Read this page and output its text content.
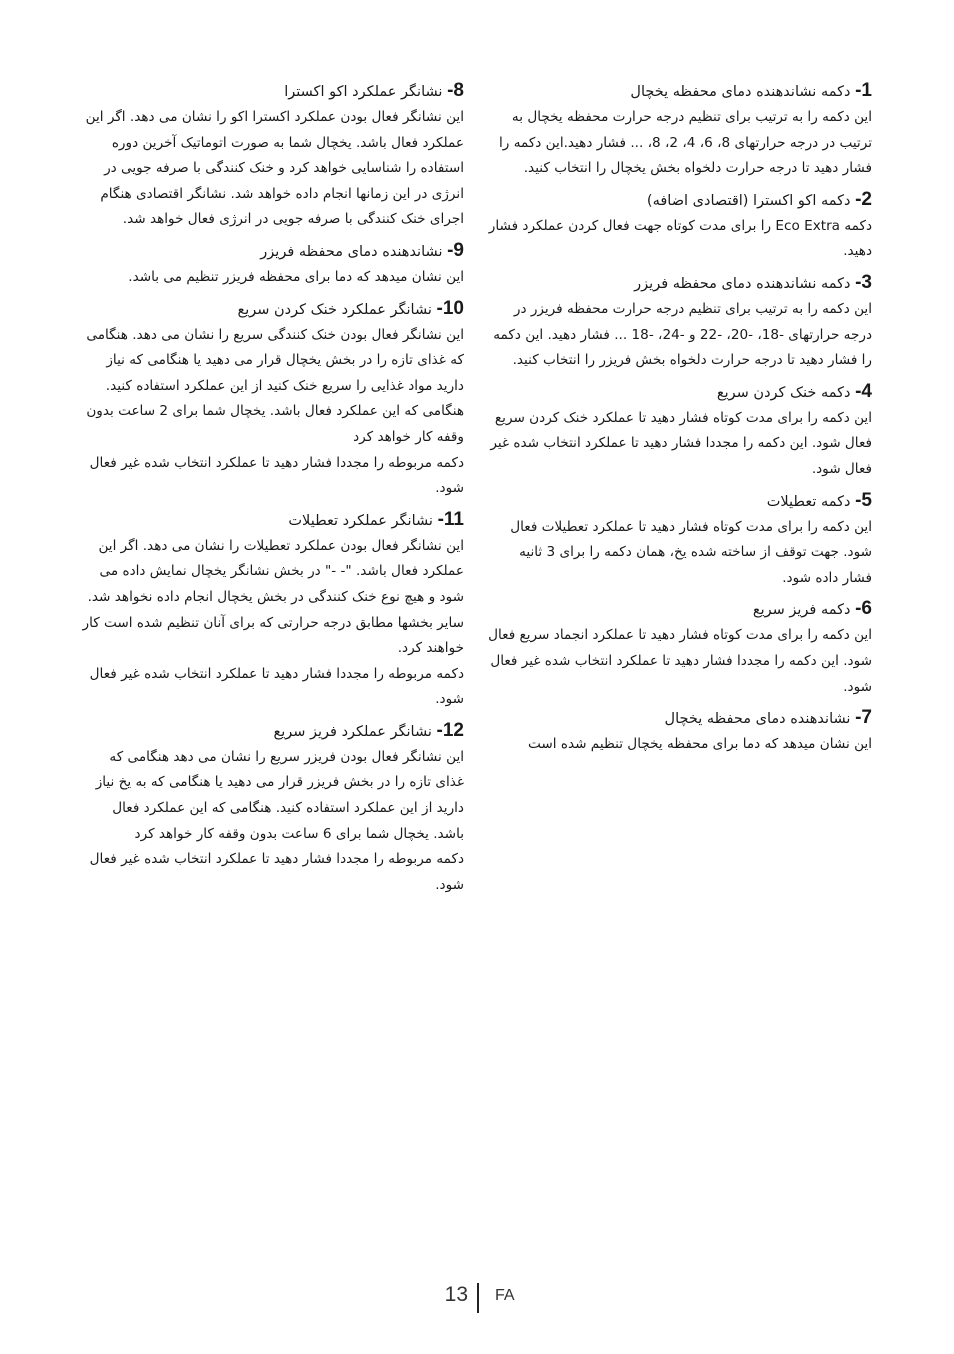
-1 دکمه نشاندهنده دمای محفظه یخچال

این دکمه را به ترتیب برای تنظیم درجه حرارت محفظه یخچال به ترتیب در درجه حرارتهای 8، 6، 4، 2، 8، ... فشار دهید.این دکمه را فشار دهید تا درجه حرارت دلخواه بخش یخچال را انتخاب کنید.

-2 دکمه اکو اکسترا (اقتصادی اضافه)

دکمه Eco Extra را برای مدت کوتاه جهت فعال کردن عملکرد فشار دهید.

-3 دکمه نشاندهنده دمای محفظه فریزر

این دکمه را به ترتیب برای تنظیم درجه حرارت محفظه فریزر در درجه حرارتهای -18، -20، -22 و -24، -18 ... فشار دهید. این دکمه را فشار دهید تا درجه حرارت دلخواه بخش فریزر را انتخاب کنید.

-4 دکمه خنک کردن سریع

این دکمه را برای مدت کوتاه فشار دهید تا عملکرد خنک کردن سریع فعال شود. این دکمه را مجددا فشار دهید تا عملکرد انتخاب شده غیر فعال شود.

-5 دکمه تعطیلات

این دکمه را برای مدت کوتاه فشار دهید تا عملکرد تعطیلات فعال شود. جهت توقف از ساخته شده یخ، همان دکمه را برای 3 ثانیه فشار داده شود.

-6 دکمه فریز سریع

این دکمه را برای مدت کوتاه فشار دهید تا عملکرد انجماد سریع فعال شود. این دکمه را مجددا فشار دهید تا عملکرد انتخاب شده غیر فعال شود.

-7 نشاندهنده دمای محفظه یخچال

این نشان میدهد که دما برای محفظه یخچال تنظیم شده است

-8 نشانگر عملکرد اکو اکسترا

این نشانگر فعال بودن عملکرد اکسترا اکو را نشان می دهد. اگر این عملکرد فعال باشد. یخچال شما به صورت اتوماتیک آخرین دوره استفاده را شناسایی خواهد کرد و خنک کنندگی با صرفه جویی در انرژی در این زمانها انجام داده خواهد شد. نشانگر اقتصادی هنگام اجرای خنک کنندگی با صرفه جویی در انرژی فعال خواهد شد.

-9 نشاندهنده دمای محفظه فریزر

این نشان میدهد که دما برای محفظه فریزر تنظیم می باشد.

-10 نشانگر عملکرد خنک کردن سریع

این نشانگر فعال بودن خنک کنندگی سریع را نشان می دهد. هنگامی که غذای تازه را در بخش یخچال قرار می دهید یا هنگامی که نیاز دارید مواد غذایی را سریع خنک کنید از این عملکرد استفاده کنید. هنگامی که این عملکرد فعال باشد. یخچال شما برای 2 ساعت بدون وقفه کار خواهد کرد

دکمه مربوطه را مجددا فشار دهید تا عملکرد انتخاب شده غیر فعال شود.

-11 نشانگر عملکرد تعطیلات

این نشانگر فعال بودن عملکرد تعطیلات را نشان می دهد. اگر این عملکرد فعال باشد. "- -" در بخش نشانگر یخچال نمایش داده می شود و هیچ نوع خنک کنندگی در بخش یخچال انجام داده نخواهد شد.

سایر بخشها مطابق درجه حرارتی که برای آنان تنظیم شده است کار خواهند کرد.

دکمه مربوطه را مجددا فشار دهید تا عملکرد انتخاب شده غیر فعال شود.

-12 نشانگر عملکرد فریز سریع

این نشانگر فعال بودن فریزر سریع را نشان می دهد هنگامی که غذای تازه را در بخش فریزر قرار می دهید یا هنگامی که به یخ نیاز دارید از این عملکرد استفاده کنید. هنگامی که این عملکرد فعال باشد. یخچال شما برای 6 ساعت بدون وقفه کار خواهد کرد

دکمه مربوطه را مجددا فشار دهید تا عملکرد انتخاب شده غیر فعال شود.

13 FA
